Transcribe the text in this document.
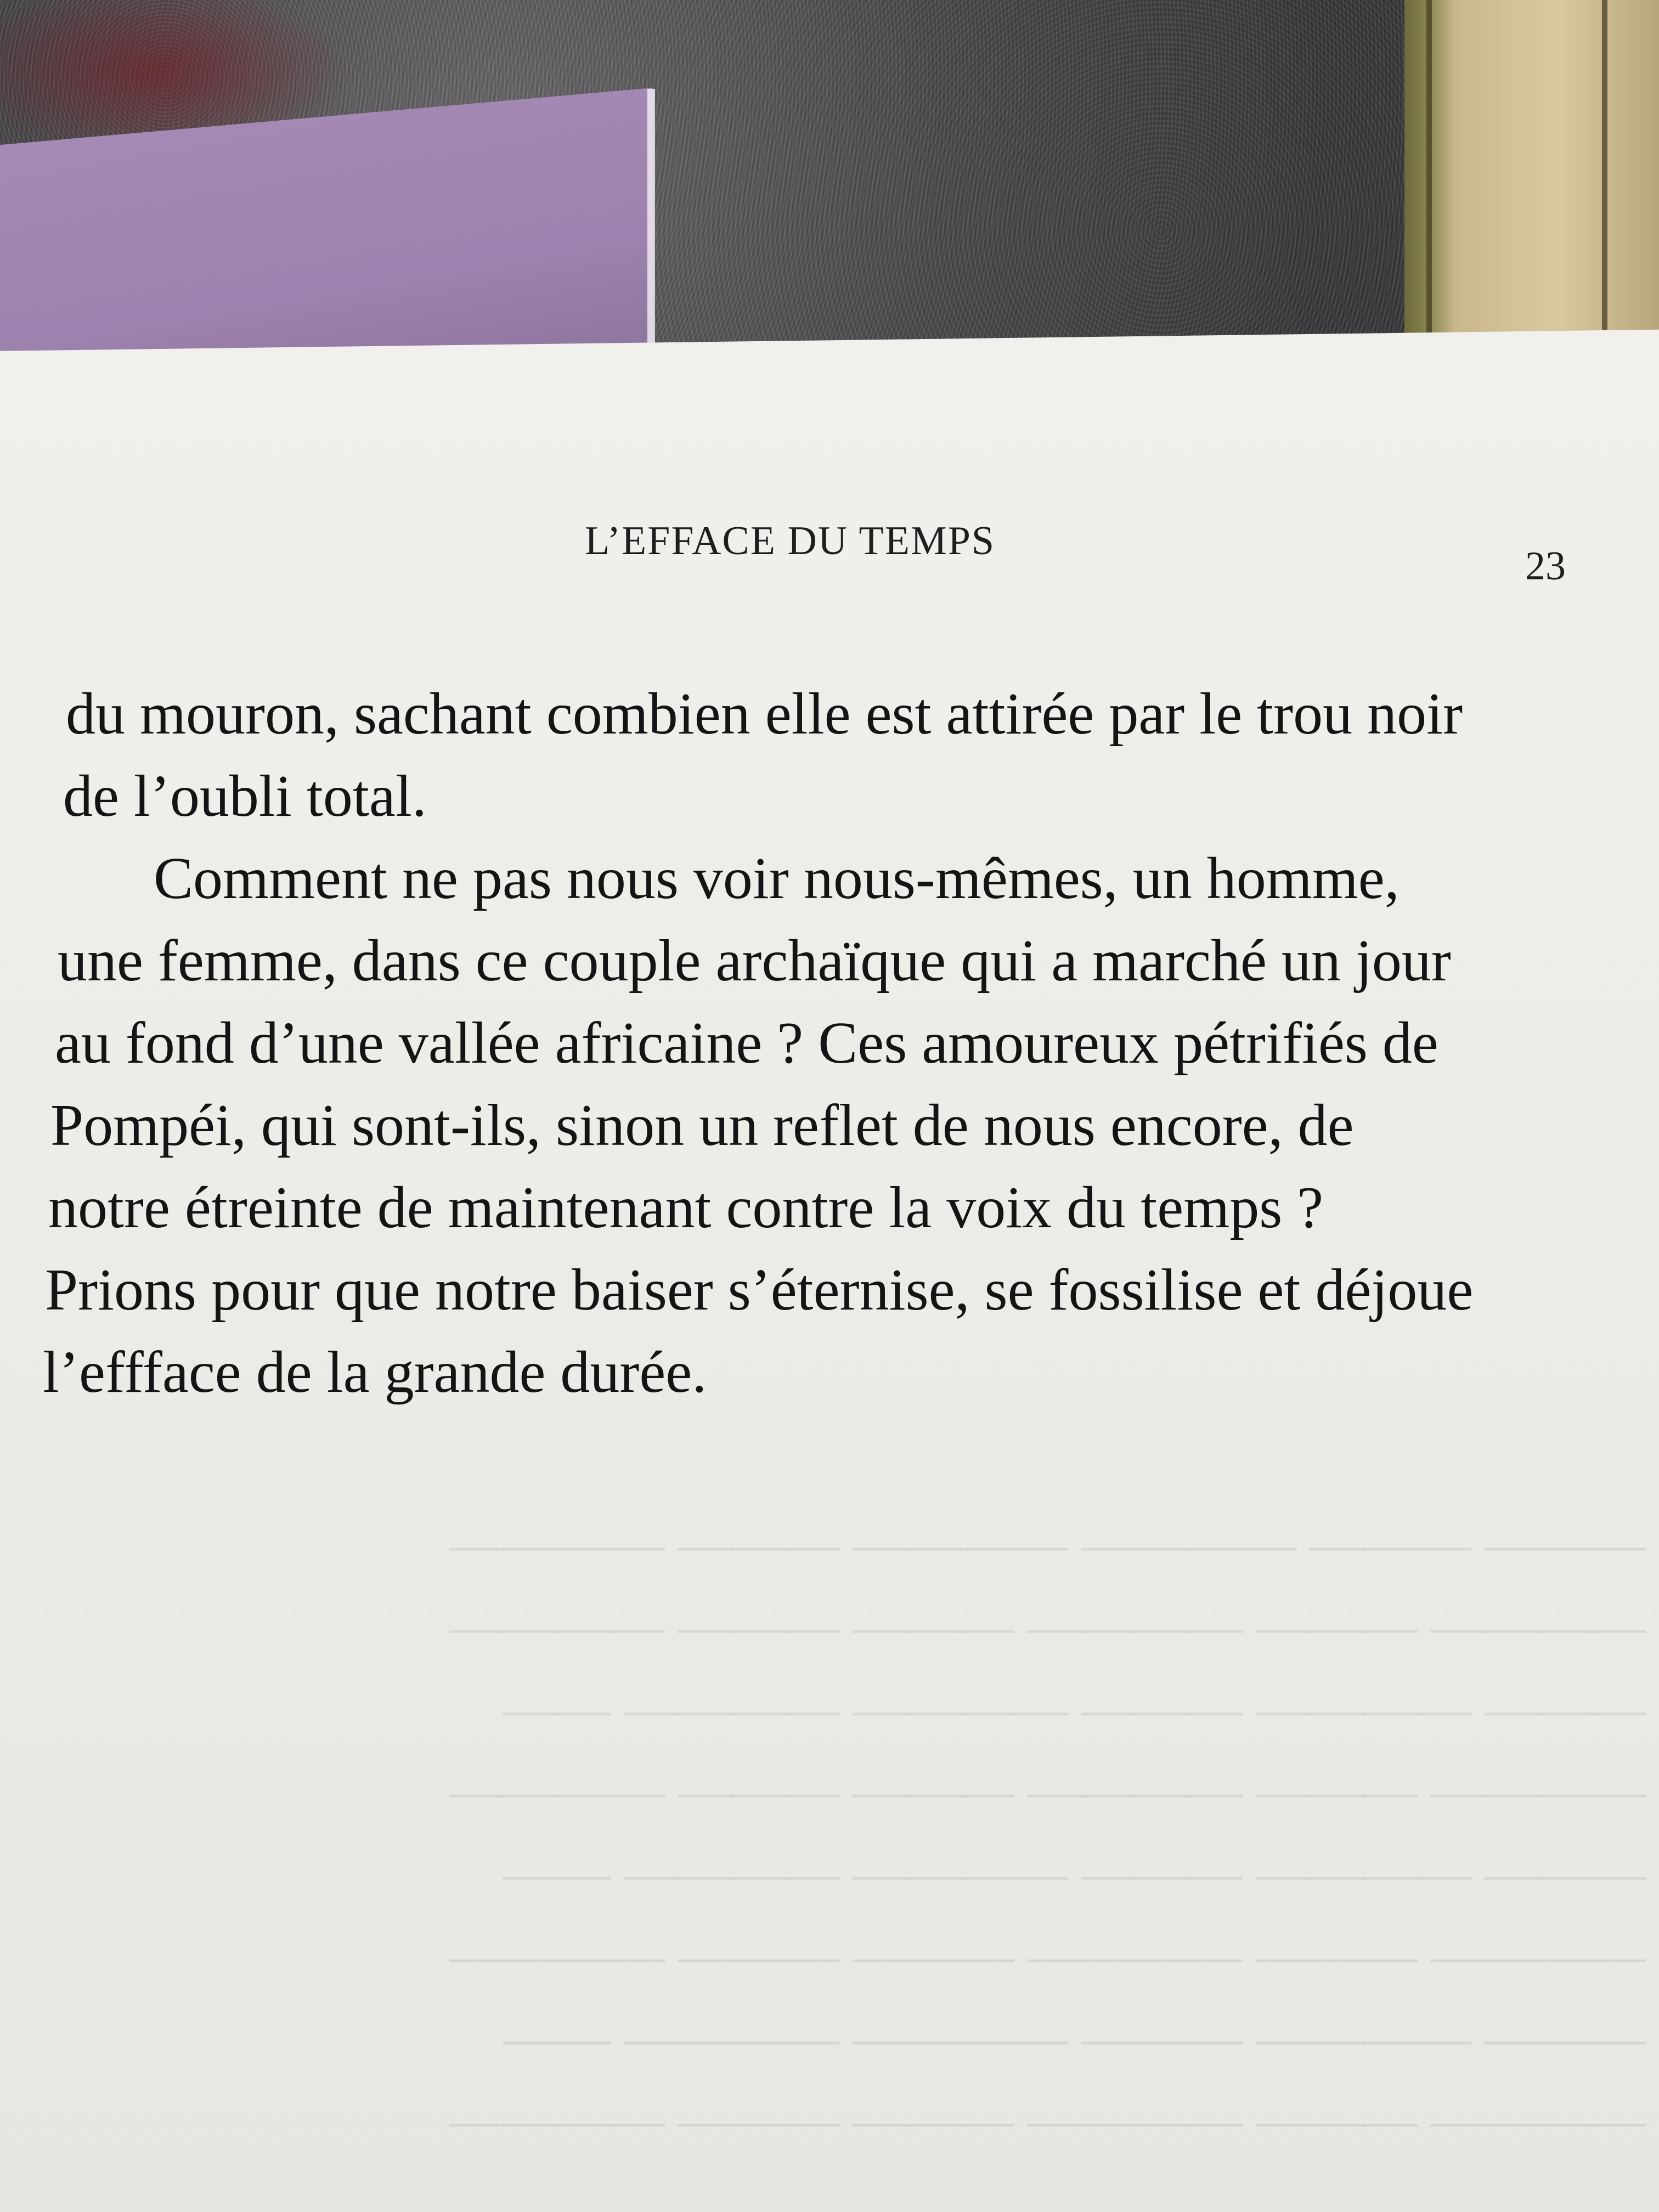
——— ——— ———— ———— ——— ————
———— ——— ———— ——— ——— ————
——— ———— ——— ———— ———— ——
———— ——— ———— ——— ——— ————
——— ———— ——— ———— ———— ——
———— ——— ———— ——— ——— ————
——— ———— ——— ———— ———— ——
———— ——— ———— ——— ——— ————
L’EFFACE DU TEMPS
23
du mouron, sachant combien elle est attirée par le trou noir
de l’oubli total.
Comment ne pas nous voir nous-mêmes, un homme,
une femme, dans ce couple archaïque qui a marché un jour
au fond d’une vallée africaine ? Ces amoureux pétrifiés de
Pompéi, qui sont-ils, sinon un reflet de nous encore, de
notre étreinte de maintenant contre la voix du temps ?
Prions pour que notre baiser s’éternise, se fossilise et déjoue
l’effface de la grande durée.
